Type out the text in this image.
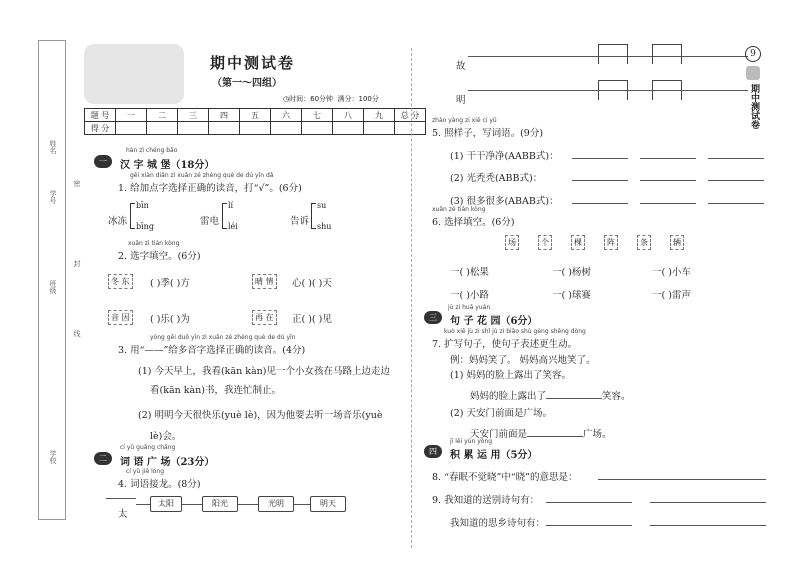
姓名
学号
密
封
班级
线
学校
期中测试卷
（第一～四组）
◷时间：60分钟 满分：100分
题 号	一	二	三	四	五	六	七	八	九	总 分
得 分										
hàn zì chéng bǎo
一	汉 字 城 堡（18分）
gěi xiàn diǎn zì xuǎn zé zhèng què de dú yīn dǎ
1. 给加点字选择正确的读音，打“√”。(6分)
冰冻
bīn
bīng	雷电
lí
léi	告诉
su
shu
xuǎn zì tián kòng
2. 选字填空。(6分)
冬 东	( )季( )方	晴 情	心( )( )天
音 因	( )乐( )为	再 在	正( )( )见
yòng gěi duō yīn zì xuǎn zé zhèng què de dú yīn
3. 用“——”给多音字选择正确的读音。(4分)
(1) 今天早上，我看(kān kàn)见一个小女孩在马路上边走边
看(kān kàn)书，我连忙制止。
(2) 明明今天很快乐(yuè lè)，因为他要去听一场音乐(yuè
lè)会。
cí yǔ guǎng chǎng
二	词 语 广 场（23分）
cí yǔ jiē lóng
4. 词语接龙。(8分)
太
太阳	阳光	光明	明天
故
明
zhào yàng zi xiě cí yǔ
5. 照样子，写词语。(9分)
(1) 干干净净(AABB式)：
(2) 光秃秃(ABB式)：
(3) 很多很多(ABAB式)：
xuǎn zé tián kòng
6. 选择填空。(6分)
场	个	棵	阵	条	辆
一( )松果	一( )杨树	一( )小车
一( )小路	一( )球赛	一( )雷声
jù zi huā yuán
三	句 子 花 园（6分）
kuò xiě jù zi shǐ jù zi biǎo shù gèng shēng dòng
7. 扩写句子，使句子表述更生动。
例：妈妈笑了。 妈妈高兴地笑了。
(1) 妈妈的脸上露出了笑容。
妈妈的脸上露出了	笑容。
(2) 天安门前面是广场。
天安门前面是	广场。
jī lěi yùn yòng
四	积 累 运 用（5分）
8. “春眠不觉晓”中“晓”的意思是：
9. 我知道的送别诗句有：
我知道的思乡诗句有：
9
期中测试卷
